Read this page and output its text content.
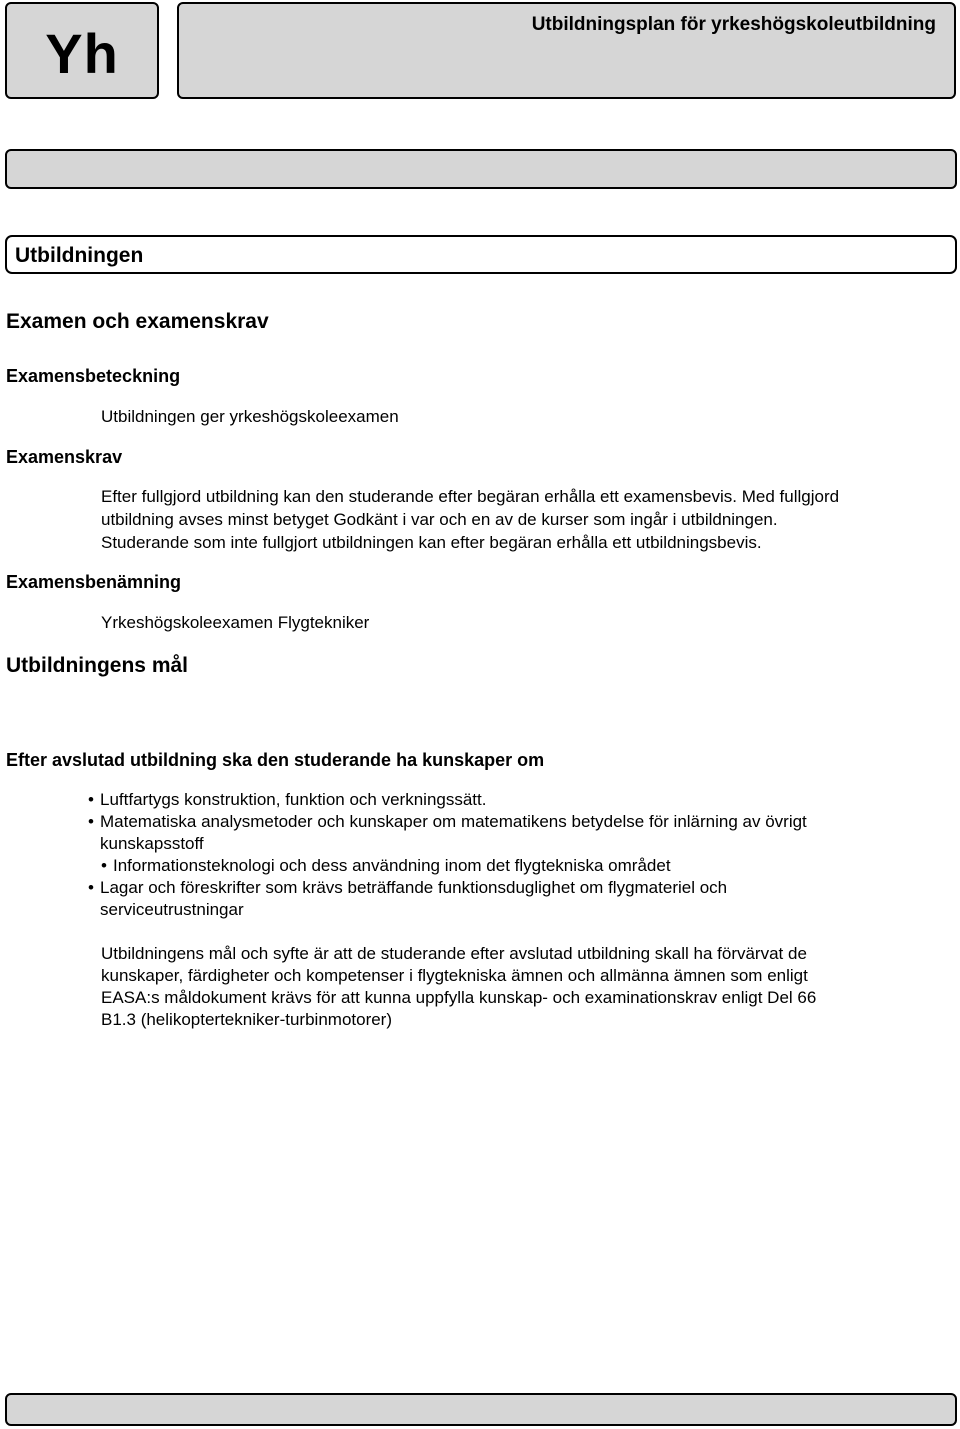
Yh	Utbildningsplan för yrkeshögskoleutbildning
Utbildningen
Examen och examenskrav
Examensbeteckning
Utbildningen ger yrkeshögskoleexamen
Examenskrav
Efter fullgjord utbildning kan den studerande efter begäran erhålla ett examensbevis. Med fullgjord
utbildning avses minst betyget Godkänt i var och en av de kurser som ingår i utbildningen.
Studerande som inte fullgjort utbildningen kan efter begäran erhålla ett utbildningsbevis.
Examensbenämning
Yrkeshögskoleexamen Flygtekniker
Utbildningens mål
Efter avslutad utbildning ska den studerande ha kunskaper om
• Luftfartygs konstruktion, funktion och verkningssätt.
• Matematiska analysmetoder och kunskaper om matematikens betydelse för inlärning av övrigt
kunskapsstoff
• Informationsteknologi och dess användning inom det flygtekniska området
• Lagar och föreskrifter som krävs beträffande funktionsduglighet om flygmateriel och
serviceutrustningar
Utbildningens mål och syfte är att de studerande efter avslutad utbildning skall ha förvärvat de
kunskaper, färdigheter och kompetenser i flygtekniska ämnen och allmänna ämnen som enligt
EASA:s måldokument krävs för att kunna uppfylla kunskap- och examinationskrav enligt Del 66
B1.3 (helikoptertekniker-turbinmotorer)
